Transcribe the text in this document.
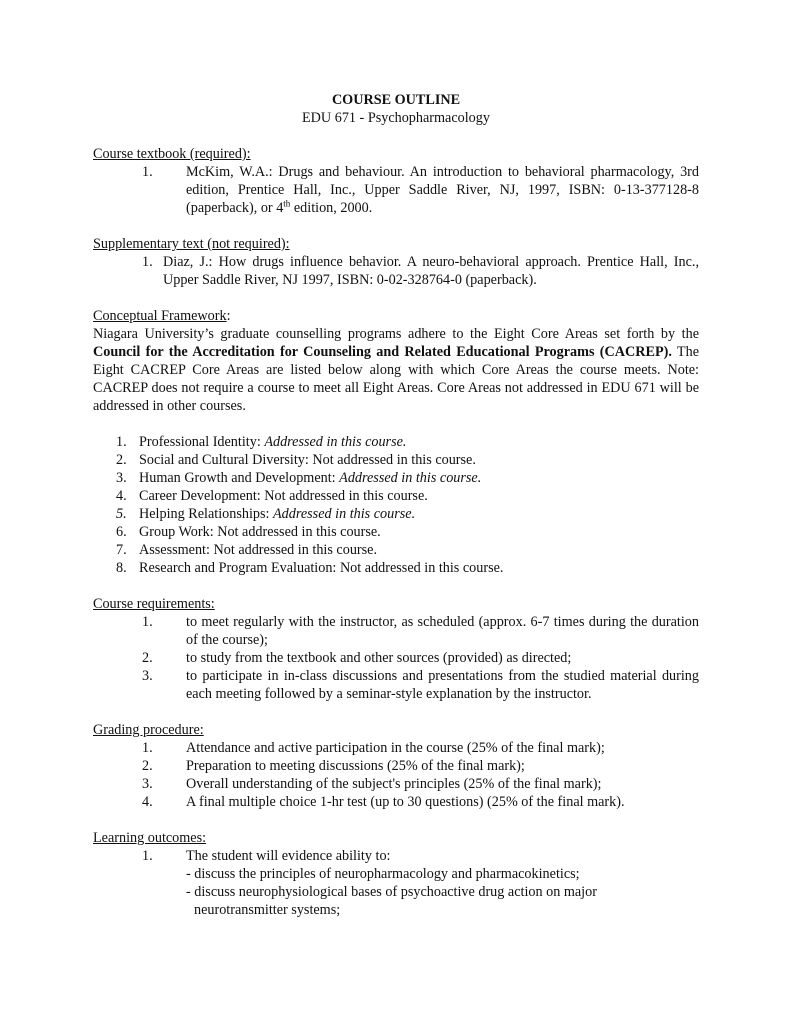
COURSE OUTLINE
EDU 671 - Psychopharmacology
Course textbook (required):
1. McKim, W.A.: Drugs and behaviour. An introduction to behavioral pharmacology, 3rd edition, Prentice Hall, Inc., Upper Saddle River, NJ, 1997, ISBN: 0-13-377128-8 (paperback), or 4th edition, 2000.
Supplementary text (not required):
1. Diaz, J.: How drugs influence behavior. A neuro-behavioral approach. Prentice Hall, Inc., Upper Saddle River, NJ 1997, ISBN: 0-02-328764-0 (paperback).
Conceptual Framework:
Niagara University’s graduate counselling programs adhere to the Eight Core Areas set forth by the Council for the Accreditation for Counseling and Related Educational Programs (CACREP). The Eight CACREP Core Areas are listed below along with which Core Areas the course meets. Note: CACREP does not require a course to meet all Eight Areas. Core Areas not addressed in EDU 671 will be addressed in other courses.
1. Professional Identity: Addressed in this course.
2. Social and Cultural Diversity: Not addressed in this course.
3. Human Growth and Development: Addressed in this course.
4. Career Development: Not addressed in this course.
5. Helping Relationships: Addressed in this course.
6. Group Work: Not addressed in this course.
7. Assessment: Not addressed in this course.
8. Research and Program Evaluation: Not addressed in this course.
Course requirements:
1. to meet regularly with the instructor, as scheduled (approx. 6-7 times during the duration of the course);
2. to study from the textbook and other sources (provided) as directed;
3. to participate in in-class discussions and presentations from the studied material during each meeting followed by a seminar-style explanation by the instructor.
Grading procedure:
1. Attendance and active participation in the course (25% of the final mark);
2. Preparation to meeting discussions (25% of the final mark);
3. Overall understanding of the subject's principles (25% of the final mark);
4. A final multiple choice 1-hr test (up to 30 questions) (25% of the final mark).
Learning outcomes:
1. The student will evidence ability to:
- discuss the principles of neuropharmacology and pharmacokinetics;
- discuss neurophysiological bases of psychoactive drug action on major
neurotransmitter systems;
